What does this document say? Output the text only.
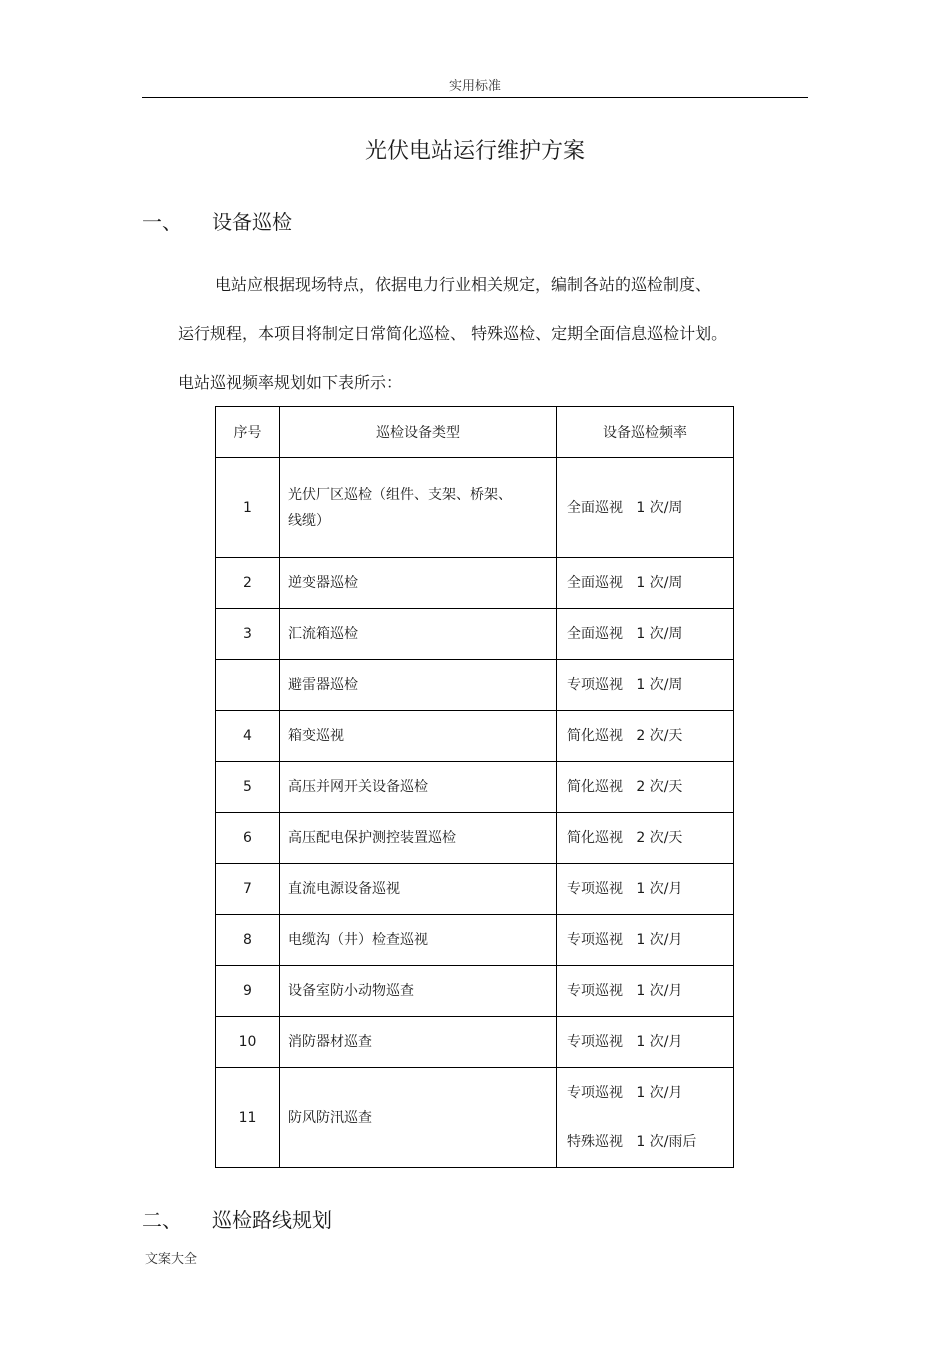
实用标准
光伏电站运行维护方案
一、 设备巡检
电站应根据现场特点，依据电力行业相关规定，编制各站的巡检制度、
运行规程，本项目将制定日常简化巡检、 特殊巡检、定期全面信息巡检计划。
电站巡视频率规划如下表所示：
序号	巡检设备类型	设备巡检频率
1	光伏厂区巡检（组件、支架、桥架、
线缆）	全面巡视   1 次/周

2	逆变器巡检	全面巡视   1 次/周

3	汇流箱巡检	全面巡视   1 次/周

	避雷器巡检	专项巡视   1 次/周

4	箱变巡视	简化巡视   2 次/天

5	高压并网开关设备巡检	简化巡视   2 次/天

6	高压配电保护测控装置巡检	简化巡视   2 次/天

7	直流电源设备巡视	专项巡视   1 次/月

8	电缆沟（井）检查巡视	专项巡视   1 次/月

9	设备室防小动物巡查	专项巡视   1 次/月

10	消防器材巡查	专项巡视   1 次/月

11	防风防汛巡查	专项巡视   1 次/月
特殊巡视   1 次/雨后
二、 巡检路线规划
文案大全
